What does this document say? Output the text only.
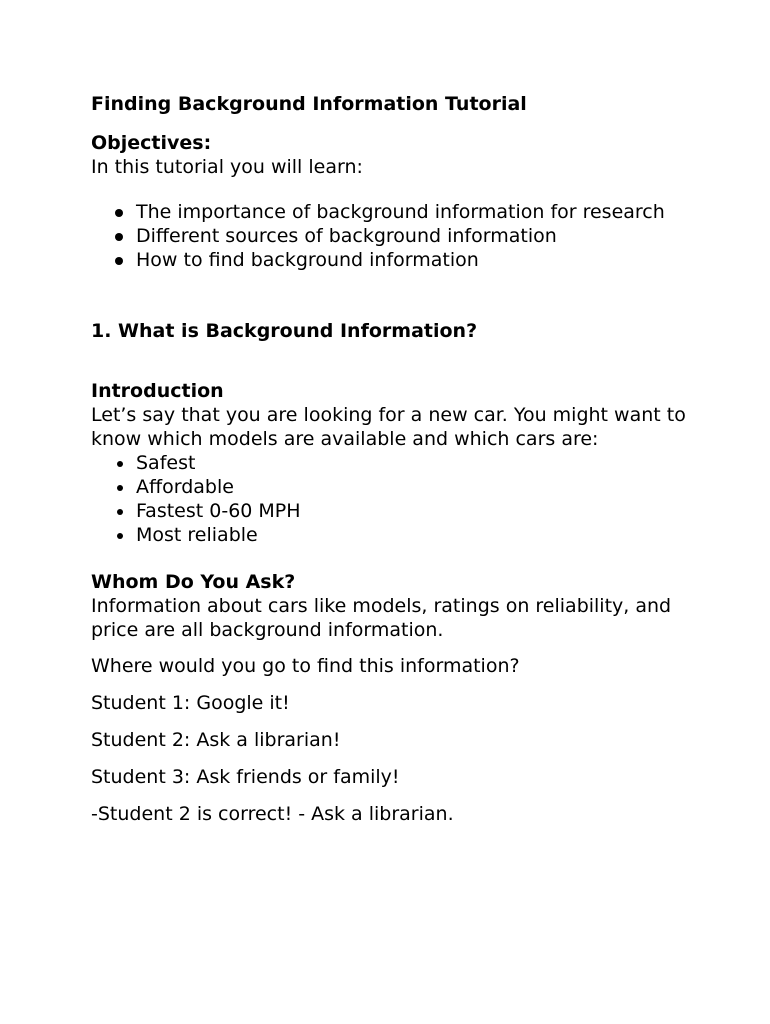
Finding Background Information Tutorial
Objectives:

In this tutorial you will learn:

The importance of background information for research
Different sources of background information
How to find background information
1. What is Background Information?
Introduction

Let’s say that you are looking for a new car. You might want to know which models are available and which cars are:

Safest
Affordable
Fastest 0-60 MPH
Most reliable
Whom Do You Ask?

Information about cars like models, ratings on reliability, and price are all background information.

Where would you go to find this information?

Student 1: Google it!

Student 2: Ask a librarian!

Student 3: Ask friends or family!

-Student 2 is correct! - Ask a librarian.
